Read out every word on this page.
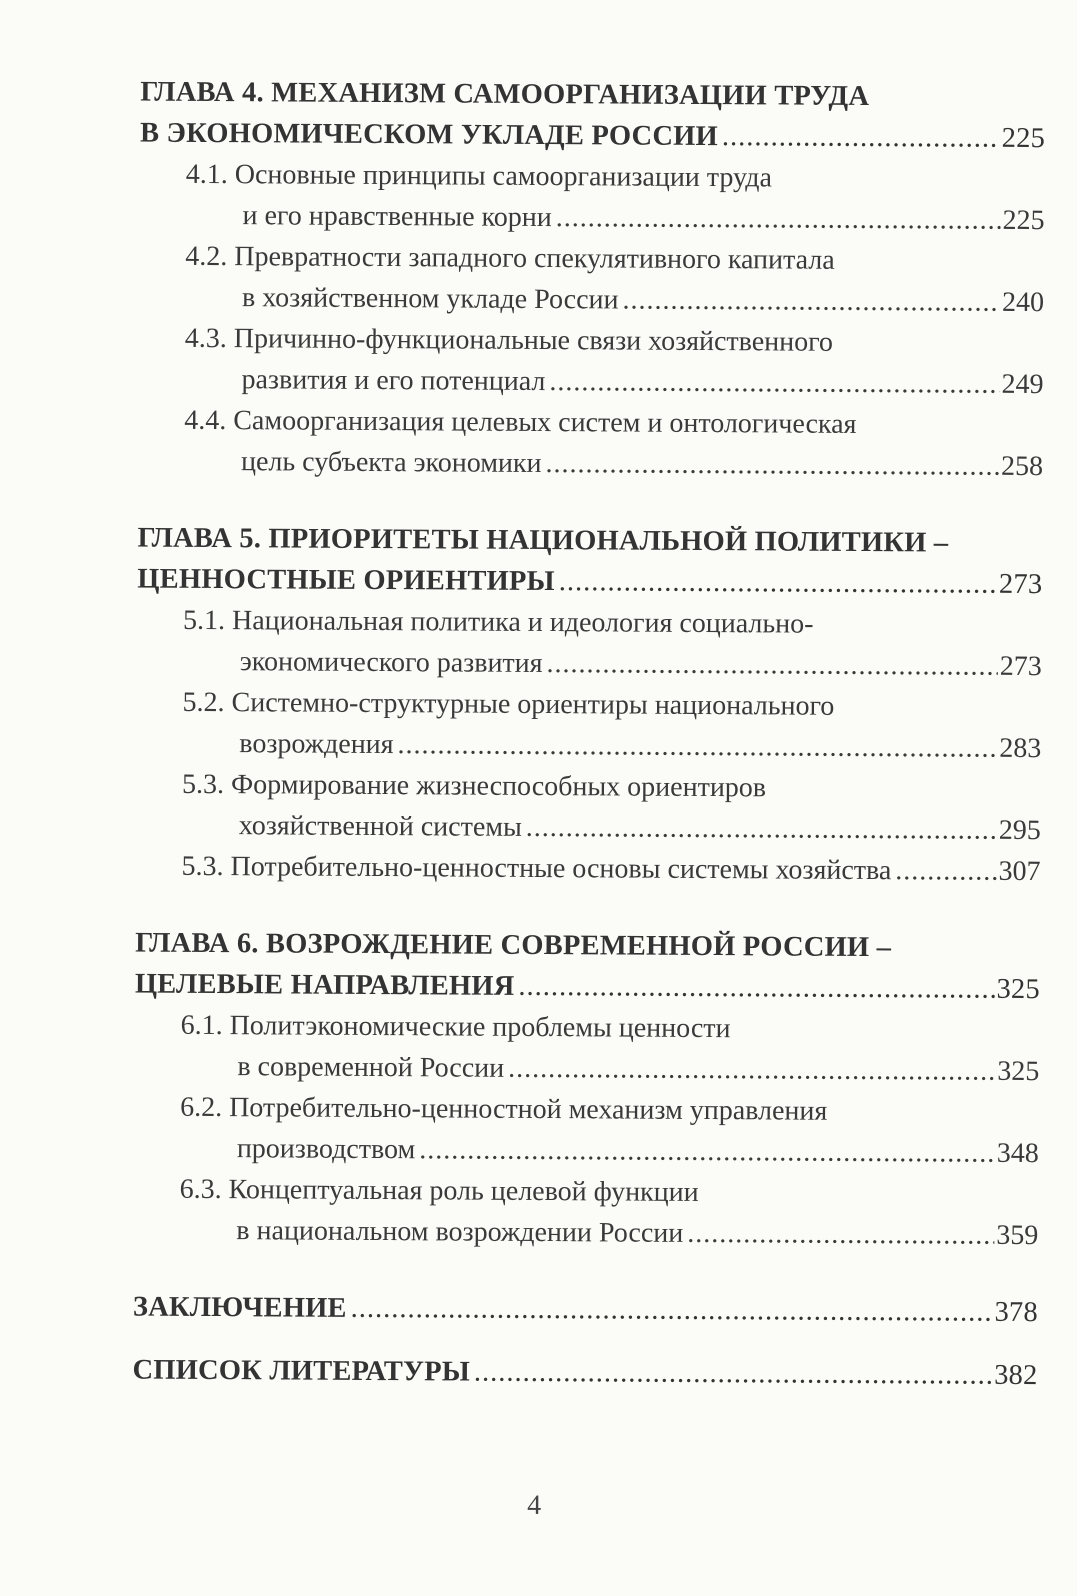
ГЛАВА 4. МЕХАНИЗМ САМООРГАНИЗАЦИИ ТРУДА
В ЭКОНОМИЧЕСКОМ УКЛАДЕ РОССИИ .....	225
4.1. Основные принципы самоорганизации труда
и его нравственные корни .....	225
4.2. Превратности западного спекулятивного капитала
в хозяйственном укладе России .....	240
4.3. Причинно-функциональные связи хозяйственного
развития и его потенциал .....	249
4.4. Самоорганизация целевых систем и онтологическая
цель субъекта экономики .....	258
ГЛАВА 5. ПРИОРИТЕТЫ НАЦИОНАЛЬНОЙ ПОЛИТИКИ –
ЦЕННОСТНЫЕ ОРИЕНТИРЫ .....	273
5.1. Национальная политика и идеология социально-
экономического развития .....	273
5.2. Системно-структурные ориентиры национального
возрождения .....	283
5.3. Формирование жизнеспособных ориентиров
хозяйственной системы .....	295
5.3. Потребительно-ценностные основы системы хозяйства .....	307
ГЛАВА 6. ВОЗРОЖДЕНИЕ СОВРЕМЕННОЙ РОССИИ –
ЦЕЛЕВЫЕ НАПРАВЛЕНИЯ .....	325
6.1. Политэкономические проблемы ценности
в современной России .....	325
6.2. Потребительно-ценностной механизм управления
производством .....	348
6.3. Концептуальная роль целевой функции
в национальном возрождении России .....	359
ЗАКЛЮЧЕНИЕ .....	378
СПИСОК ЛИТЕРАТУРЫ .....	382
4
